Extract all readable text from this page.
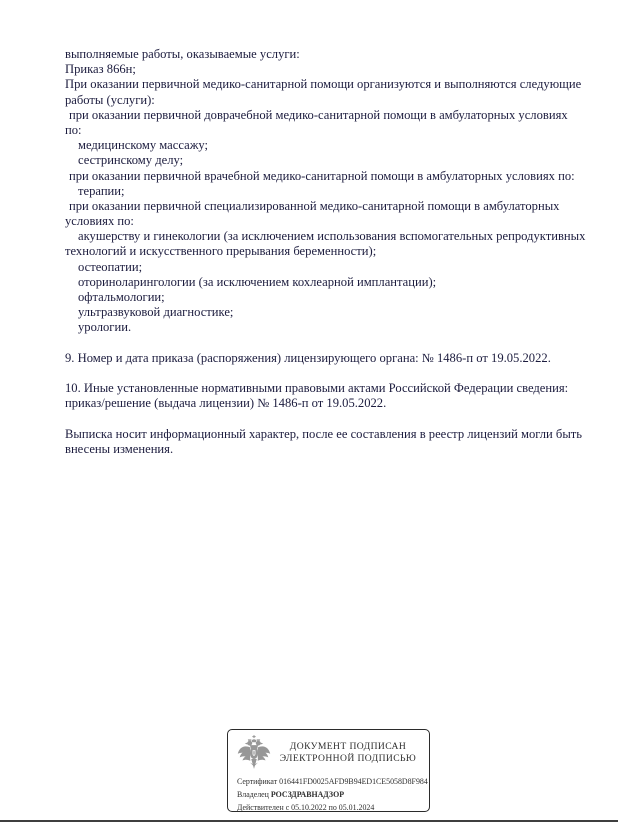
выполняемые работы, оказываемые услуги:
Приказ 866н;
При оказании первичной медико-санитарной помощи организуются и выполняются следующие
работы (услуги):
при оказании первичной доврачебной медико-санитарной помощи в амбулаторных условиях
по:
медицинскому массажу;
сестринскому делу;
при оказании первичной врачебной медико-санитарной помощи в амбулаторных условиях по:
терапии;
при оказании первичной специализированной медико-санитарной помощи в амбулаторных
условиях по:
акушерству и гинекологии (за исключением использования вспомогательных репродуктивных
технологий и искусственного прерывания беременности);
остеопатии;
оториноларингологии (за исключением кохлеарной имплантации);
офтальмологии;
ультразвуковой диагностике;
урологии.

9. Номер и дата приказа (распоряжения) лицензирующего органа: № 1486-п от 19.05.2022.

10. Иные установленные нормативными правовыми актами Российской Федерации сведения:
приказ/решение (выдача лицензии) № 1486-п от 19.05.2022.

Выписка носит информационный характер, после ее составления в реестр лицензий могли быть
внесены изменения.
ДОКУМЕНТ ПОДПИСАН
ЭЛЕКТРОННОЙ ПОДПИСЬЮ
Сертификат 016441FD0025AFD9B94ED1CE5058D8F984
Владелец РОСЗДРАВНАДЗОР
Действителен с 05.10.2022 по 05.01.2024
